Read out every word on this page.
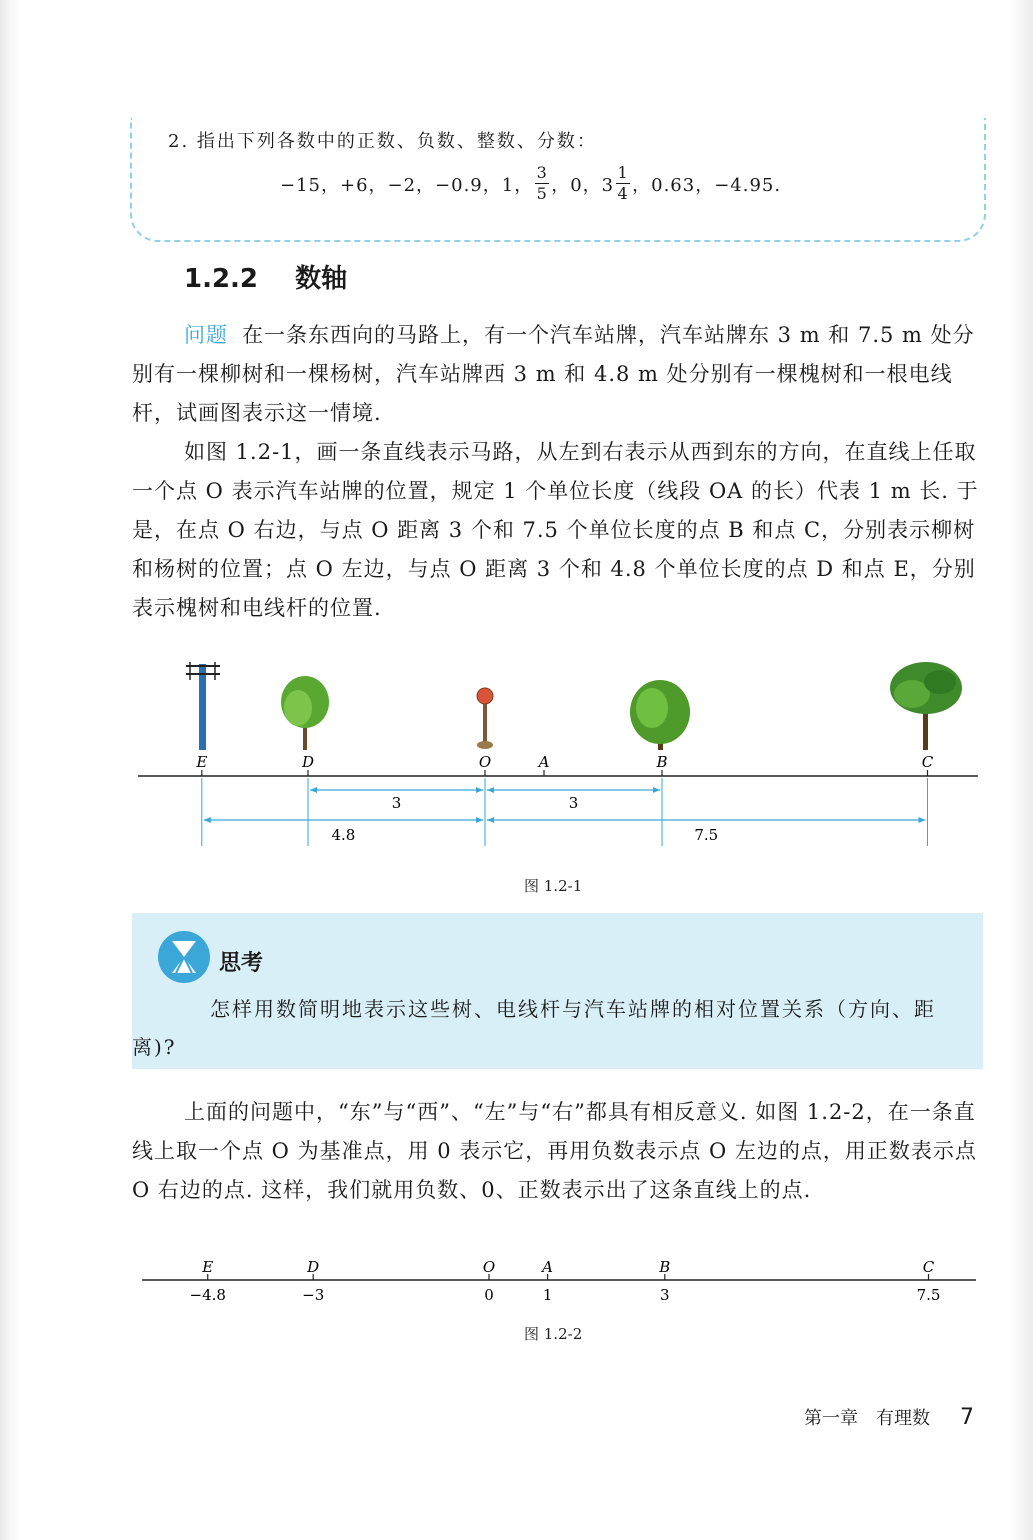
2. 指出下列各数中的正数、负数、整数、分数：
−15，+6，−2，−0.9，1， $\frac{3}{5}$ ，0，$3 \frac{1}{4}$ ，0.63，−4.95.
1.2.2 数轴
问题 在一条东西向的马路上，有一个汽车站牌，汽车站牌东 3 m 和 7.5 m 处分别有一棵柳树和一棵杨树，汽车站牌西 3 m 和 4.8 m 处分别有一棵槐树和一根电线杆，试画图表示这一情境.
如图 1.2-1，画一条直线表示马路，从左到右表示从西到东的方向，在直线上任取一个点 O 表示汽车站牌的位置，规定 1 个单位长度（线段 OA 的长）代表 1 m 长. 于是，在点 O 右边，与点 O 距离 3 个和 7.5 个单位长度的点 B 和点 C，分别表示柳树和杨树的位置；点 O 左边，与点 O 距离 3 个和 4.8 个单位长度的点 D 和点 E，分别表示槐树和电线杆的位置.
E	D	O	A	B	C
3	3
4.8	7.5
图 1.2-1
思考
怎样用数简明地表示这些树、电线杆与汽车站牌的相对位置关系（方向、距离)?
上面的问题中，“东”与“西”、“左”与“右”都具有相反意义. 如图 1.2-2，在一条直线上取一个点 O 为基准点，用 0 表示它，再用负数表示点 O 左边的点，用正数表示点 O 右边的点. 这样，我们就用负数、0、正数表示出了这条直线上的点.
E
−4.8
D
−3
O
0
A
1
B
3
C
7.5
图 1.2-2
第一章　有理数 7
